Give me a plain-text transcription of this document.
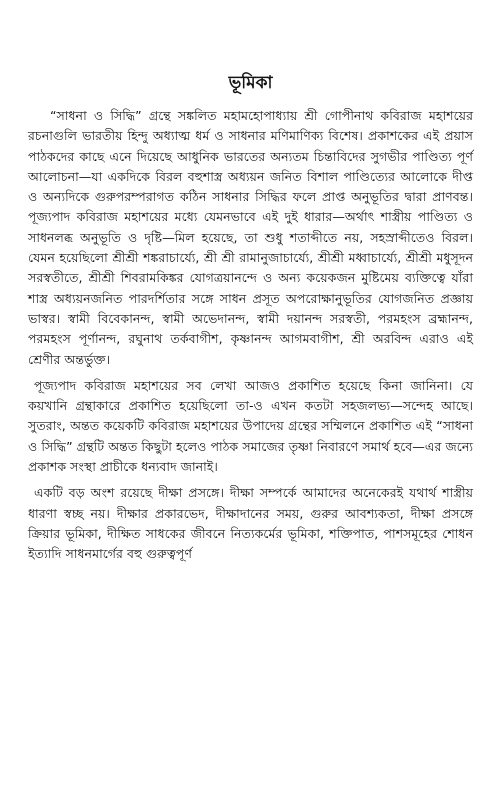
ভূমিকা

“সাধনা ও সিদ্ধি” গ্রন্থে সঙ্কলিত মহামহোপাধ্যায় শ্রী গোপীনাথ কবিরাজ মহাশয়ের রচনাগুলি ভারতীয় হিন্দু অধ্যাত্ম ধর্ম ও সাধনার মণিমাণিক্য বিশেষ। প্রকাশকের এই প্রয়াস পাঠকদের কাছে এনে দিয়েছে আধুনিক ভারতের অন্যতম চিন্তাবিদের সুগভীর পাণ্ডিত্য পূর্ণ আলোচনা—যা একদিকে বিরল বহুশাস্ত্র অধ্যয়ন জনিত বিশাল পাণ্ডিত্যের আলোকে দীপ্ত ও অন্যদিকে গুরুপরম্পরাগত কঠিন সাধনার সিদ্ধির ফলে প্রাপ্ত অনুভূতির দ্বারা প্রাণবন্ত। পূজ্যপাদ কবিরাজ মহাশয়ের মধ্যে যেমনভাবে এই দুই ধারার—অর্থাৎ শাস্ত্রীয় পাণ্ডিত্য ও সাধনলব্ধ অনুভূতি ও দৃষ্টি—মিল হয়েছে, তা শুধু শতাব্দীতে নয়, সহস্রাব্দীতেও বিরল। যেমন হয়েছিলো শ্রীশ্রী শঙ্করাচার্য্যে, শ্রী শ্রী রামানুজাচার্য্যে, শ্রীশ্রী মধ্বাচার্য্যে, শ্রীশ্রী মধুসূদন সরস্বতীতে, শ্রীশ্রী শিবরামকিঙ্কর যোগত্রয়ানন্দে ও অন্য কয়েকজন মুষ্টিমেয় ব্যক্তিত্বে যাঁরা শাস্ত্র অধ্যয়নজনিত পারদর্শিতার সঙ্গে সাধন প্রসূত অপরোক্ষানুভূতির যোগজনিত প্রজ্ঞায় ভাস্বর। স্বামী বিবেকানন্দ, স্বামী অভেদানন্দ, স্বামী দয়ানন্দ সরস্বতী, পরমহংস ব্রহ্মানন্দ, পরমহংস পূর্ণানন্দ, রঘুনাথ তর্কবাগীশ, কৃষ্ণানন্দ আগমবাগীশ, শ্রী অরবিন্দ এরাও এই শ্রেণীর অন্তর্ভুক্ত।

পূজ্যপাদ কবিরাজ মহাশয়ের সব লেখা আজও প্রকাশিত হয়েছে কিনা জানিনা। যে কয়খানি গ্রন্থাকারে প্রকাশিত হয়েছিলো তা-ও এখন কতটা সহজলভ্য—সন্দেহ আছে। সুতরাং, অন্তত কয়েকটি কবিরাজ মহাশয়ের উপাদেয় গ্রন্থের সম্মিলনে প্রকাশিত এই “সাধনা ও সিদ্ধি” গ্রন্থটি অন্তত কিছুটা হলেও পাঠক সমাজের তৃষ্ণা নিবারণে সমার্থ হবে—এর জন্যে প্রকাশক সংস্থা প্রাচীকে ধন্যবাদ জানাই।

একটি বড় অংশ রয়েছে দীক্ষা প্রসঙ্গে। দীক্ষা সম্পর্কে আমাদের অনেকেরই যথার্থ শাস্ত্রীয় ধারণা স্বচ্ছ নয়। দীক্ষার প্রকারভেদ, দীক্ষাদানের সময়, গুরুর আবশ্যকতা, দীক্ষা প্রসঙ্গে ক্রিয়ার ভূমিকা, দীক্ষিত সাধকের জীবনে নিত্যকর্মের ভূমিকা, শক্তিপাত, পাশসমূহের শোধন ইত্যাদি সাধনমার্গের বহু গুরুত্বপূর্ণ
